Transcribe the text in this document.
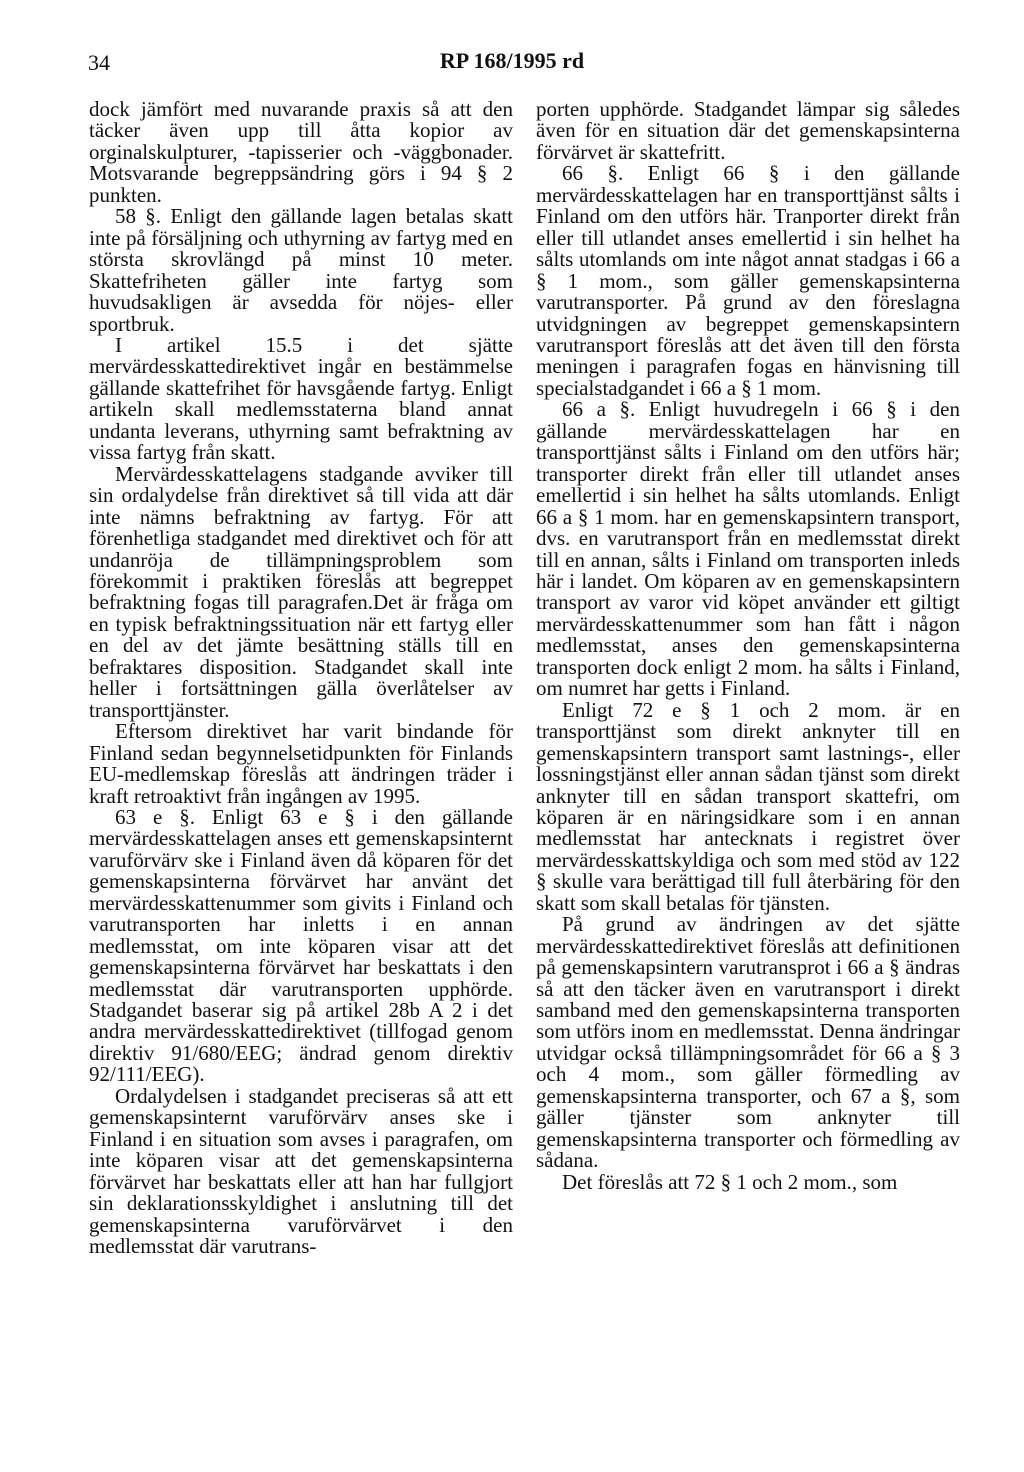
34	RP 168/1995 rd

dock jämfört med nuvarande praxis så att den täcker även upp till åtta kopior av orginalskulpturer, -tapisserier och -väggbonader. Motsvarande begreppsändring görs i 94 § 2 punkten.

58 §. Enligt den gällande lagen betalas skatt inte på försäljning och uthyrning av fartyg med en största skrovlängd på minst 10 meter. Skattefriheten gäller inte fartyg som huvudsakligen är avsedda för nöjes- eller sportbruk.

I artikel 15.5 i det sjätte mervärdesskattedirektivet ingår en bestämmelse gällande skattefrihet för havsgående fartyg. Enligt artikeln skall medlemsstaterna bland annat undanta leverans, uthyrning samt befraktning av vissa fartyg från skatt.

Mervärdesskattelagens stadgande avviker till sin ordalydelse från direktivet så till vida att där inte nämns befraktning av fartyg. För att förenhetliga stadgandet med direktivet och för att undanröja de tillämpningsproblem som förekommit i praktiken föreslås att begreppet befraktning fogas till paragrafen.Det är fråga om en typisk befraktningssituation när ett fartyg eller en del av det jämte besättning ställs till en befraktares disposition. Stadgandet skall inte heller i fortsättningen gälla överlåtelser av transporttjänster.

Eftersom direktivet har varit bindande för Finland sedan begynnelsetidpunkten för Finlands EU-medlemskap föreslås att ändringen träder i kraft retroaktivt från ingången av 1995.

63 e §. Enligt 63 e § i den gällande mervärdesskattelagen anses ett gemenskapsinternt varuförvärv ske i Finland även då köparen för det gemenskapsinterna förvärvet har använt det mervärdesskattenummer som givits i Finland och varutransporten har inletts i en annan medlemsstat, om inte köparen visar att det gemenskapsinterna förvärvet har beskattats i den medlemsstat där varutransporten upphörde. Stadgandet baserar sig på artikel 28b A 2 i det andra mervärdesskattedirektivet (tillfogad genom direktiv 91/680/EEG; ändrad genom direktiv 92/111/EEG).

Ordalydelsen i stadgandet preciseras så att ett gemenskapsinternt varuförvärv anses ske i Finland i en situation som avses i paragrafen, om inte köparen visar att det gemenskapsinterna förvärvet har beskattats eller att han har fullgjort sin deklarationsskyldighet i anslutning till det gemenskapsinterna varuförvärvet i den medlemsstat där varutrans-

porten upphörde. Stadgandet lämpar sig således även för en situation där det gemenskapsinterna förvärvet är skattefritt.

66 §. Enligt 66 § i den gällande mervärdesskattelagen har en transporttjänst sålts i Finland om den utförs här. Tranporter direkt från eller till utlandet anses emellertid i sin helhet ha sålts utomlands om inte något annat stadgas i 66 a § 1 mom., som gäller gemenskapsinterna varutransporter. På grund av den föreslagna utvidgningen av begreppet gemenskapsintern varutransport föreslås att det även till den första meningen i paragrafen fogas en hänvisning till specialstadgandet i 66 a § 1 mom.

66 a §. Enligt huvudregeln i 66 § i den gällande mervärdesskattelagen har en transporttjänst sålts i Finland om den utförs här; transporter direkt från eller till utlandet anses emellertid i sin helhet ha sålts utomlands. Enligt 66 a § 1 mom. har en gemenskapsintern transport, dvs. en varutransport från en medlemsstat direkt till en annan, sålts i Finland om transporten inleds här i landet. Om köparen av en gemenskapsintern transport av varor vid köpet använder ett giltigt mervärdesskattenummer som han fått i någon medlemsstat, anses den gemenskapsinterna transporten dock enligt 2 mom. ha sålts i Finland, om numret har getts i Finland.

Enligt 72 e § 1 och 2 mom. är en transporttjänst som direkt anknyter till en gemenskapsintern transport samt lastnings-, eller lossningstjänst eller annan sådan tjänst som direkt anknyter till en sådan transport skattefri, om köparen är en näringsidkare som i en annan medlemsstat har antecknats i registret över mervärdesskattskyldiga och som med stöd av 122 § skulle vara berättigad till full återbäring för den skatt som skall betalas för tjänsten.

På grund av ändringen av det sjätte mervärdesskattedirektivet föreslås att definitionen på gemenskapsintern varutransprot i 66 a § ändras så att den täcker även en varutransport i direkt samband med den gemenskapsinterna transporten som utförs inom en medlemsstat. Denna ändringar utvidgar också tillämpningsområdet för 66 a § 3 och 4 mom., som gäller förmedling av gemenskapsinterna transporter, och 67 a §, som gäller tjänster som anknyter till gemenskapsinterna transporter och förmedling av sådana.

Det föreslås att 72 § 1 och 2 mom., som
